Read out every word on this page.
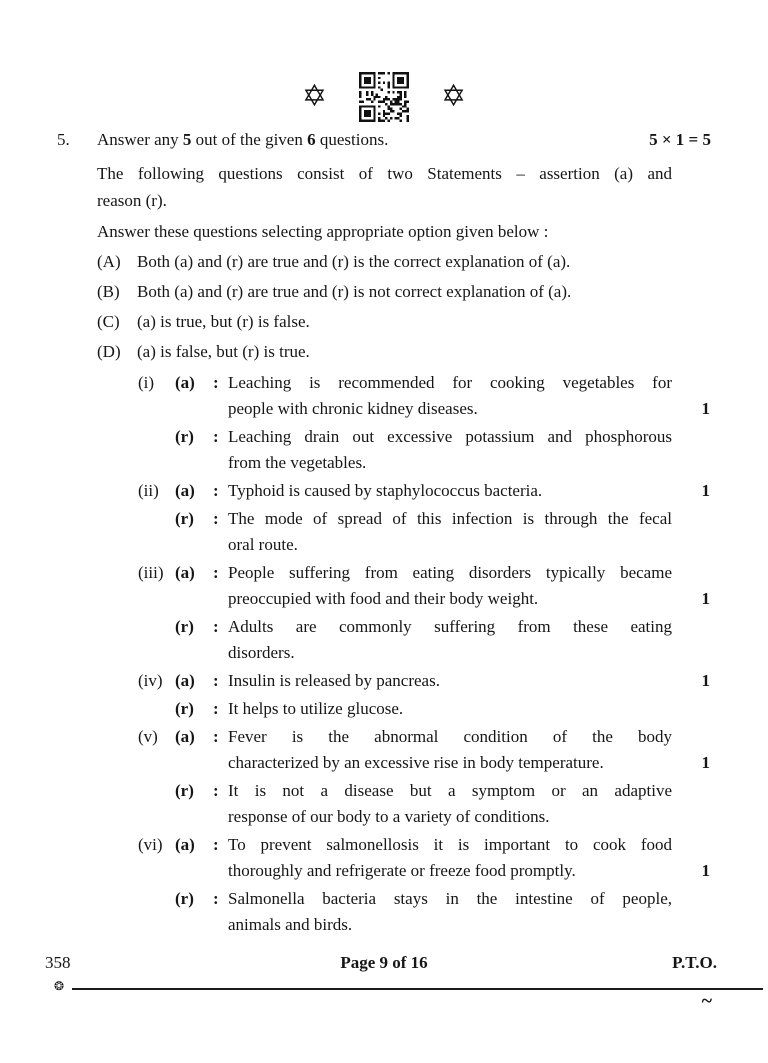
✡	✡
5.	Answer any 5 out of the given 6 questions.	5 × 1 = 5
The following questions consist of two Statements – assertion (a) and
reason (r).
Answer these questions selecting appropriate option given below :
(A) Both (a) and (r) are true and (r) is the correct explanation of (a).
(B)	Both (a) and (r) are true and (r) is not correct explanation of (a).
(C)	(a) is true, but (r) is false.
(D) (a) is false, but (r) is true.
(i)	(a)	: Leaching is recommended for cooking vegetables for
people with chronic kidney diseases.	1
(r)	: Leaching drain out excessive potassium and phosphorous
from the vegetables.
(ii) (a)	: Typhoid is caused by staphylococcus bacteria.	1
(r)	: The mode of spread of this infection is through the fecal
oral route.
(iii) (a)	: People suffering from eating disorders typically became
preoccupied with food and their body weight.	1
(r)	: Adults are commonly suffering from these eating
disorders.
(iv) (a)	: Insulin is released by pancreas.	1
(r)	: It helps to utilize glucose.
(v)	(a)	: Fever is the abnormal condition of the body
characterized by an excessive rise in body temperature.	1
(r)	: It is not a disease but a symptom or an adaptive
response of our body to a variety of conditions.
(vi) (a)	: To prevent salmonellosis it is important to cook food
thoroughly and refrigerate or freeze food promptly.	1
(r)	: Salmonella bacteria stays in the intestine of people,
animals and birds.
358	Page 9 of 16	P.T.O.
❂
~
